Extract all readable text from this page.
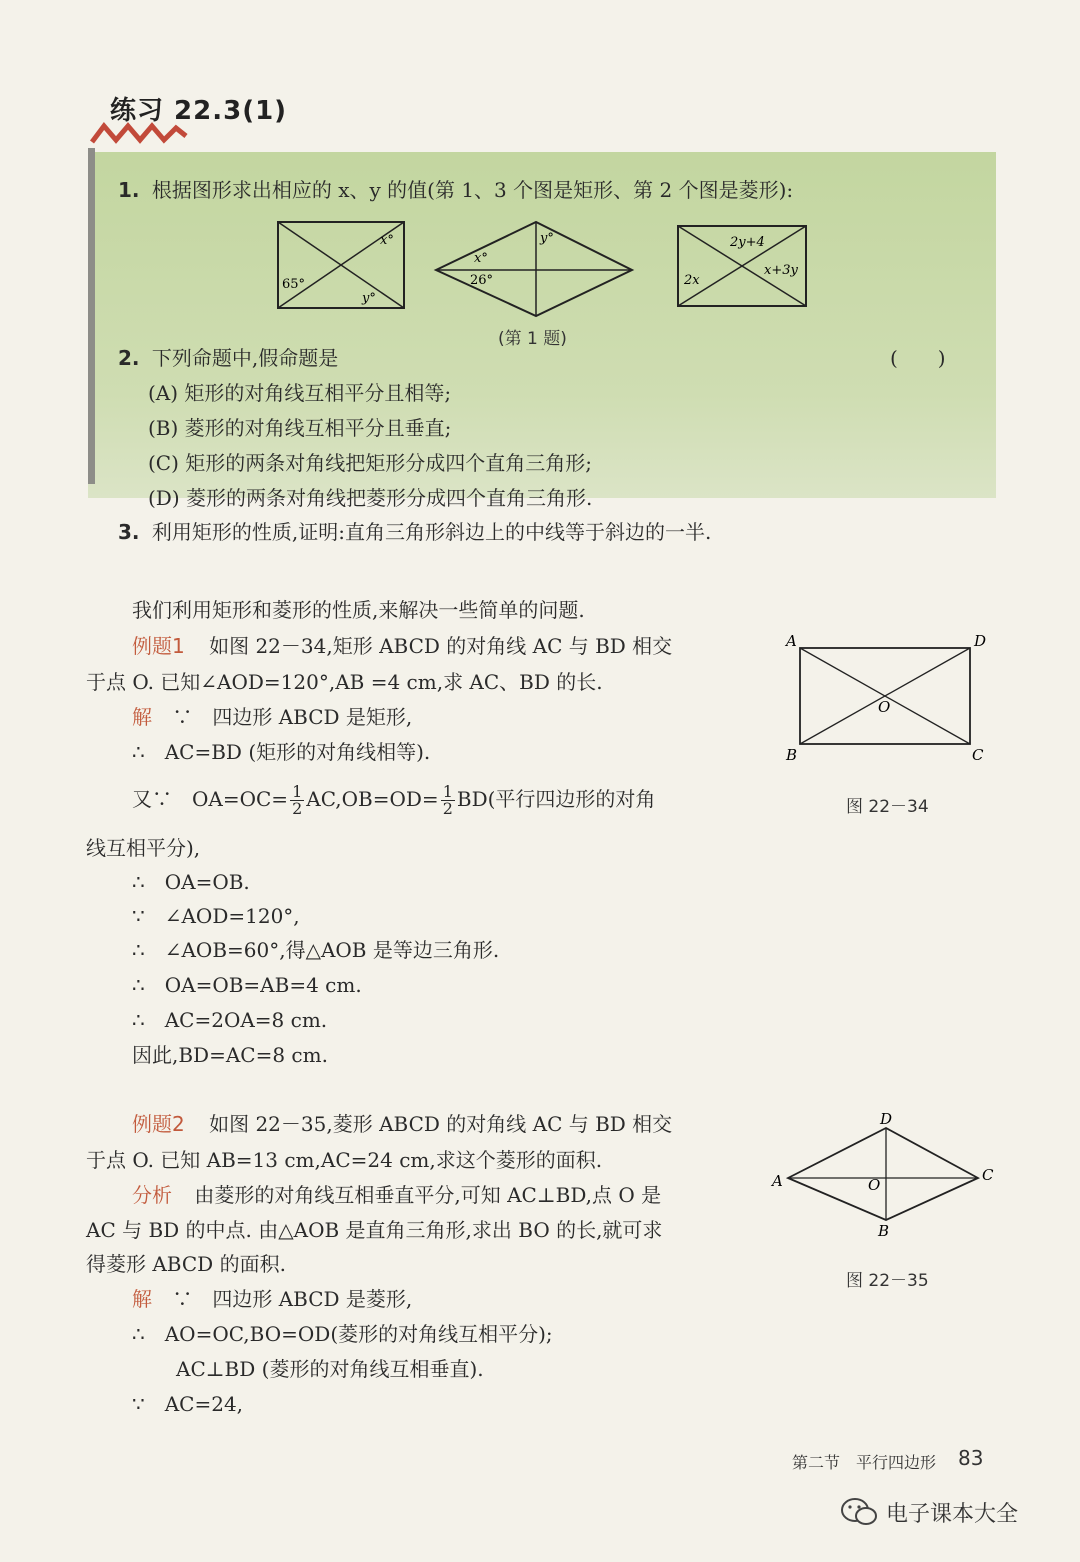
练习 22.3(1)
1. 根据图形求出相应的 x、y 的值(第 1、3 个图是矩形、第 2 个图是菱形):
x°
65°
y°
y°
x°
26°
2y+4
x+3y
2x
(第 1 题)
2. 下列命题中,假命题是	(　　)
(A) 矩形的对角线互相平分且相等;
(B) 菱形的对角线互相平分且垂直;
(C) 矩形的两条对角线把矩形分成四个直角三角形;
(D) 菱形的两条对角线把菱形分成四个直角三角形.
3. 利用矩形的性质,证明:直角三角形斜边上的中线等于斜边的一半.
我们利用矩形和菱形的性质,来解决一些简单的问题.
例题1 如图 22－34,矩形 ABCD 的对角线 AC 与 BD 相交
于点 O. 已知∠AOD=120°,AB =4 cm,求 AC、BD 的长.
解 ∵　四边形 ABCD 是矩形,
∴　AC=BD (矩形的对角线相等).
又∵　$OA=OC= \frac{1}{2} AC,OB=OD= \frac{1}{2} BD$(平行四边形的对角
线互相平分),
∴　OA=OB.
∵　∠AOD=120°,
∴　∠AOB=60°,得△AOB 是等边三角形.
∴　OA=OB=AB=4 cm.
∴　AC=2OA=8 cm.
因此,BD=AC=8 cm.
A	D
B	C
O
图 22－34
例题2 如图 22－35,菱形 ABCD 的对角线 AC 与 BD 相交
于点 O. 已知 AB=13 cm,AC=24 cm,求这个菱形的面积.
分析 由菱形的对角线互相垂直平分,可知 AC⊥BD,点 O 是
AC 与 BD 的中点. 由△AOB 是直角三角形,求出 BO 的长,就可求
得菱形 ABCD 的面积.
解 ∵　四边形 ABCD 是菱形,
∴　AO=OC,BO=OD(菱形的对角线互相平分);
AC⊥BD (菱形的对角线互相垂直).
∵　AC=24,
D
A	C
B
O
图 22－35
第二节　平行四边形 83
电子课本大全
